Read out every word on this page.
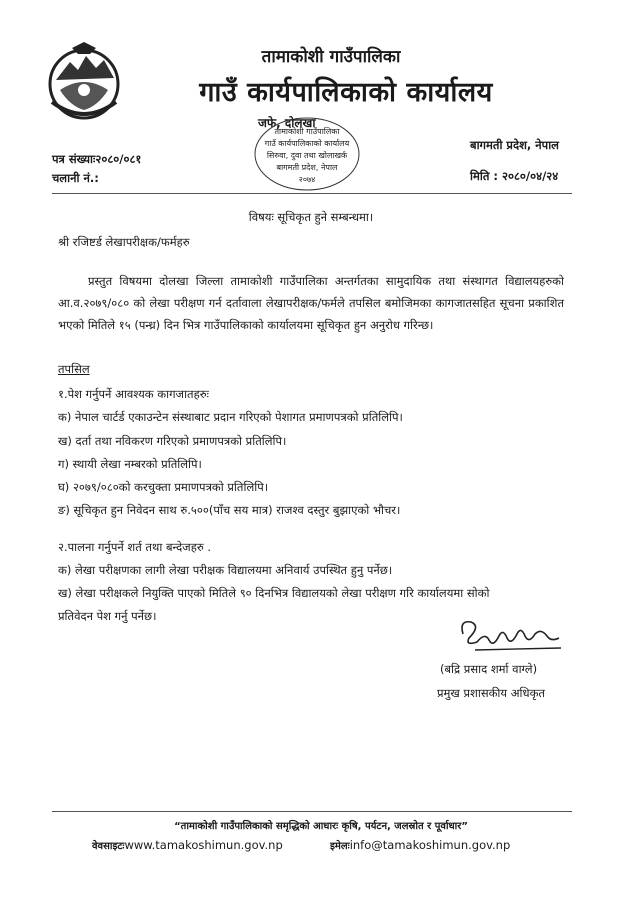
तामाकोशी गाउँपालिका
गाउँ कार्यपालिकाको कार्यालय
जफे, दोलखा
तामाकोशी गाउँपालिका
गाउँ कार्यपालिकाको कार्यालय
सिरुवा, दुवा तथा खोलाखर्क
बागमती प्रदेश, नेपाल
२०७४
बागमती प्रदेश, नेपाल
पत्र संख्याः२०८०/०८१
चलानी नं.:	मिति : २०८०/०४/२४
विषयः सूचिकृत हुने सम्बन्धमा।
श्री रजिष्टर्ड लेखापरीक्षक/फर्महरु
प्रस्तुत विषयमा दोलखा जिल्ला तामाकोशी गाउँपालिका अन्तर्गतका सामुदायिक तथा संस्थागत विद्यालयहरुको आ.व.२०७९/०८० को लेखा परीक्षण गर्न दर्तावाला लेखापरीक्षक/फर्मले तपसिल बमोजिमका कागजातसहित सूचना प्रकाशित भएको मितिले १५ (पन्ध्र) दिन भित्र गाउँपालिकाको कार्यालयमा सूचिकृत हुन अनुरोध गरिन्छ।
तपसिल
१.पेश गर्नुपर्ने आवश्यक कागजातहरुः
क) नेपाल चार्टर्ड एकाउन्टेन संस्थाबाट प्रदान गरिएको पेशागत प्रमाणपत्रको प्रतिलिपि।
ख) दर्ता तथा नविकरण गरिएको प्रमाणपत्रको प्रतिलिपि।
ग) स्थायी लेखा नम्बरको प्रतिलिपि।
घ) २०७९/०८०को करचुक्ता प्रमाणपत्रको प्रतिलिपि।
ङ) सूचिकृत हुन निवेदन साथ रु.५००(पाँच सय मात्र) राजश्व दस्तुर बुझाएको भौचर।
२.पालना गर्नुपर्ने शर्त तथा बन्देजहरु .
क) लेखा परीक्षणका लागी लेखा परीक्षक विद्यालयमा अनिवार्य उपस्थित हुनु पर्नेछ।
ख) लेखा परीक्षकले नियुक्ति पाएको मितिले ९० दिनभित्र विद्यालयको लेखा परीक्षण गरि कार्यालयमा सोको
प्रतिवेदन पेश गर्नु पर्नेछ।
(बद्रि प्रसाद शर्मा वाग्ले)
प्रमुख प्रशासकीय अधिकृत
“तामाकोशी गाउँपालिकाको समृद्धिको आधारः कृषि, पर्यटन, जलस्रोत र पूर्वाधार”
वेवसाइटःwww.tamakoshimun.gov.np	इमेलःinfo@tamakoshimun.gov.np
